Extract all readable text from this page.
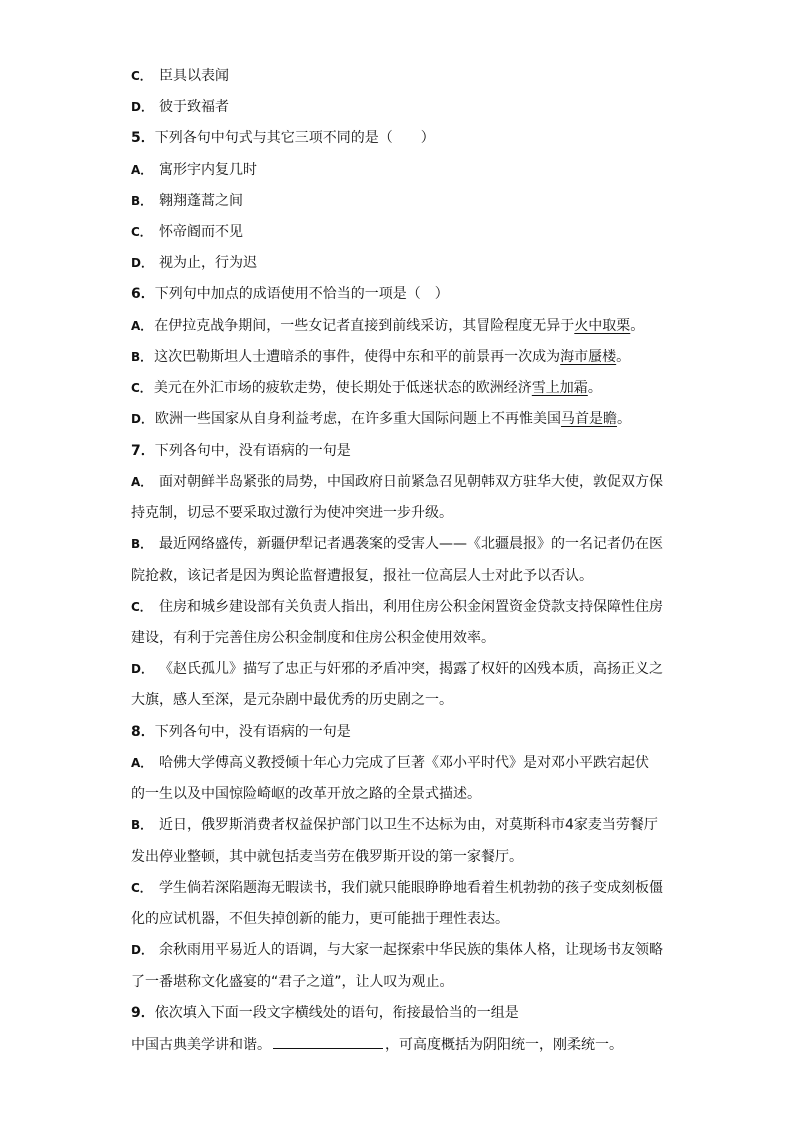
C． 臣具以表闻
D． 彼于致福者
5．下列各句中句式与其它三项不同的是（　　）
A． 寓形宇内复几时
B． 翱翔蓬蒿之间
C． 怀帝阍而不见
D． 视为止，行为迟
6．下列句中加点的成语使用不恰当的一项是（　）
A． 在伊拉克战争期间，一些女记者直接到前线采访，其冒险程度无异于火中取栗。
B． 这次巴勒斯坦人士遭暗杀的事件，使得中东和平的前景再一次成为海市蜃楼。
C． 美元在外汇市场的疲软走势，使长期处于低迷状态的欧洲经济雪上加霜。
D． 欧洲一些国家从自身利益考虑，在许多重大国际问题上不再惟美国马首是瞻。
7．下列各句中，没有语病的一句是
A． 面对朝鲜半岛紧张的局势，中国政府日前紧急召见朝韩双方驻华大使，敦促双方保
持克制，切忌不要采取过激行为使冲突进一步升级。
B． 最近网络盛传，新疆伊犁记者遇袭案的受害人——《北疆晨报》的一名记者仍在医
院抢救，该记者是因为舆论监督遭报复，报社一位高层人士对此予以否认。
C． 住房和城乡建设部有关负责人指出，利用住房公积金闲置资金贷款支持保障性住房
建设，有利于完善住房公积金制度和住房公积金使用效率。
D． 《赵氏孤儿》描写了忠正与奸邪的矛盾冲突，揭露了权奸的凶残本质，高扬正义之
大旗，感人至深，是元杂剧中最优秀的历史剧之一。
8．下列各句中，没有语病的一句是
A． 哈佛大学傅高义教授倾十年心力完成了巨著《邓小平时代》是对邓小平跌宕起伏
的一生以及中国惊险崎岖的改革开放之路的全景式描述。
B． 近日，俄罗斯消费者权益保护部门以卫生不达标为由，对莫斯科市4家麦当劳餐厅
发出停业整顿，其中就包括麦当劳在俄罗斯开设的第一家餐厅。
C． 学生倘若深陷题海无暇读书，我们就只能眼睁睁地看着生机勃勃的孩子变成刻板僵
化的应试机器，不但失掉创新的能力，更可能拙于理性表达。
D． 余秋雨用平易近人的语调，与大家一起探索中华民族的集体人格，让现场书友领略
了一番堪称文化盛宴的“君子之道”，让人叹为观止。
9．依次填入下面一段文字横线处的语句，衔接最恰当的一组是
中国古典美学讲和谐。	，可高度概括为阴阳统一，刚柔统一。
